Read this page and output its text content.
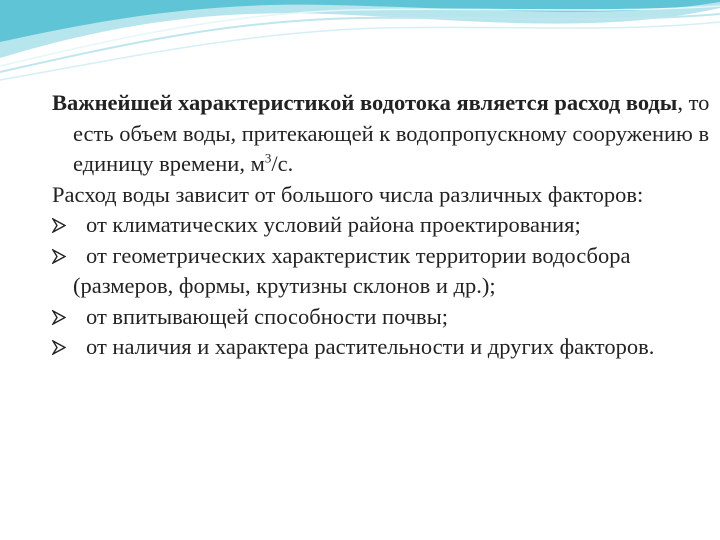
Важнейшей характеристикой водотока является расход воды, то есть объем воды, притекающей к водопропускному сооружению в единицу времени, $м^3/с$.

Расход воды зависит от большого числа различных факторов:

от климатических условий района проектирования;

от геометрических характеристик территории водосбора (размеров, формы, крутизны склонов и др.);

от впитывающей способности почвы;

от наличия и характера растительности и других факторов.
